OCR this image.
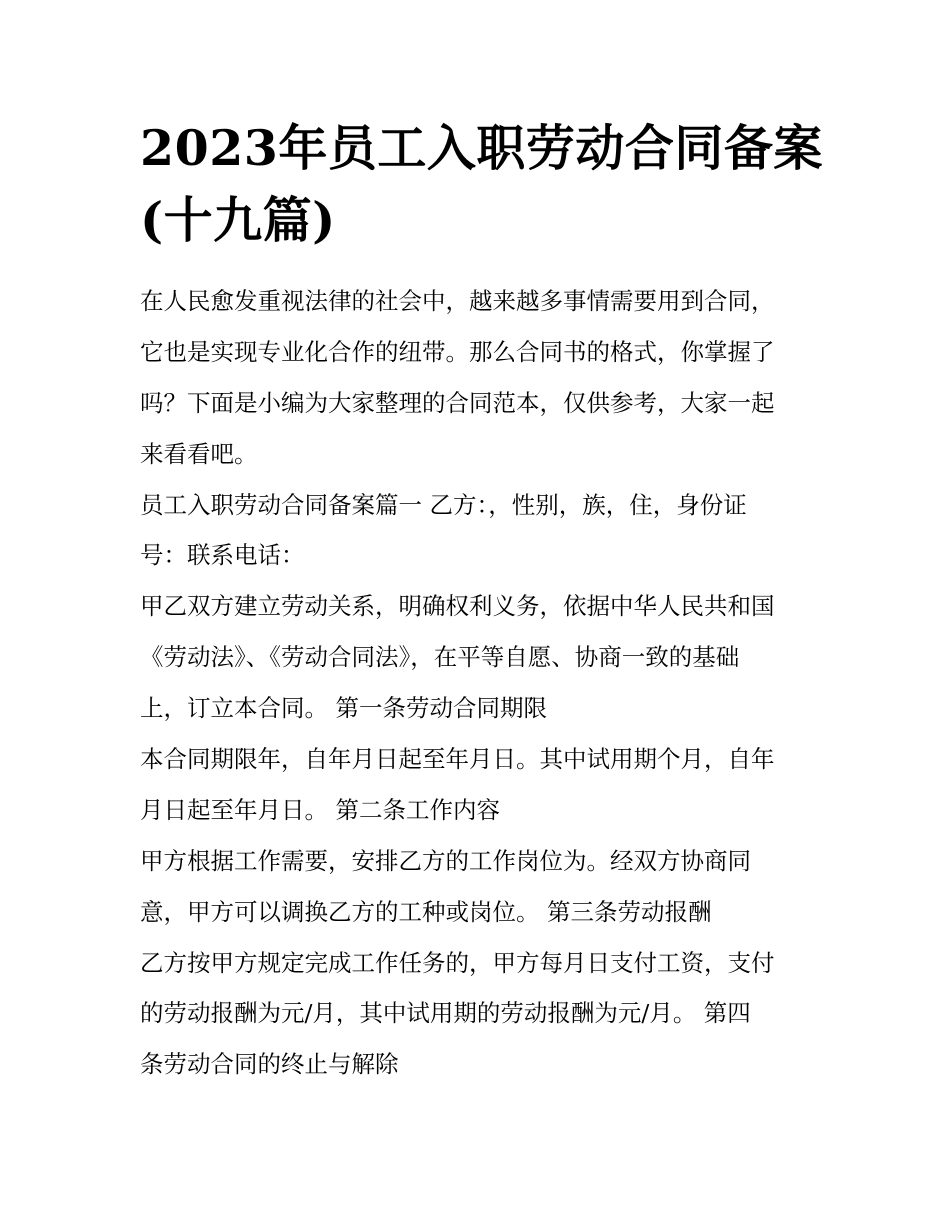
2023年员工入职劳动合同备案
(十九篇)
在人民愈发重视法律的社会中，越来越多事情需要用到合同，
它也是实现专业化合作的纽带。那么合同书的格式，你掌握了
吗？下面是小编为大家整理的合同范本，仅供参考，大家一起
来看看吧。
员工入职劳动合同备案篇一 乙方：，性别，族，住，身份证
号：联系电话：
甲乙双方建立劳动关系，明确权利义务，依据中华人民共和国
《劳动法》、《劳动合同法》，在平等自愿、协商一致的基础
上，订立本合同。 第一条劳动合同期限
本合同期限年，自年月日起至年月日。其中试用期个月，自年
月日起至年月日。 第二条工作内容
甲方根据工作需要，安排乙方的工作岗位为。经双方协商同
意，甲方可以调换乙方的工种或岗位。 第三条劳动报酬
乙方按甲方规定完成工作任务的，甲方每月日支付工资，支付
的劳动报酬为元/月，其中试用期的劳动报酬为元/月。 第四
条劳动合同的终止与解除
